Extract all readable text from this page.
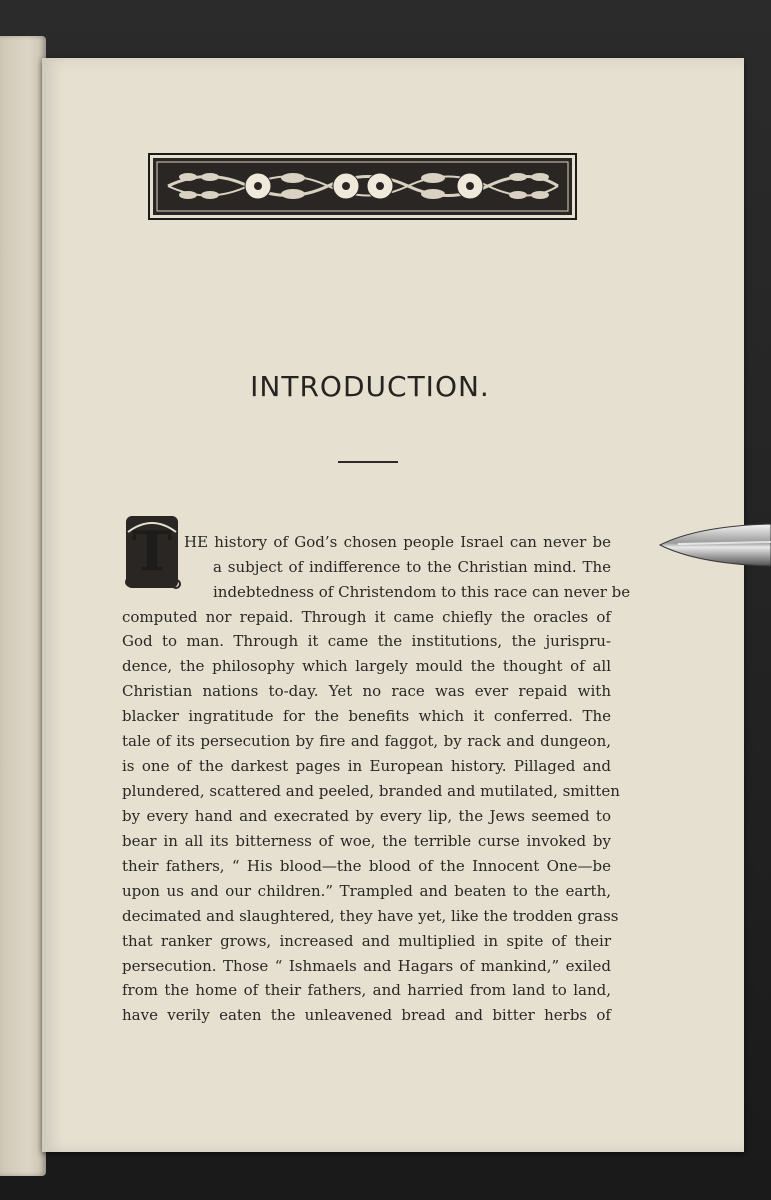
INTRODUCTION.
T HE history of God’s chosen people Israel can never be
a subject of indifference to the Christian mind. The
indebtedness of Christendom to this race can never be
computed nor repaid. Through it came chiefly the oracles of
God to man. Through it came the institutions, the jurispru-
dence, the philosophy which largely mould the thought of all
Christian nations to-day. Yet no race was ever repaid with
blacker ingratitude for the benefits which it conferred. The
tale of its persecution by fire and faggot, by rack and dungeon,
is one of the darkest pages in European history. Pillaged and
plundered, scattered and peeled, branded and mutilated, smitten
by every hand and execrated by every lip, the Jews seemed to
bear in all its bitterness of woe, the terrible curse invoked by
their fathers, “ His blood—the blood of the Innocent One—be
upon us and our children.” Trampled and beaten to the earth,
decimated and slaughtered, they have yet, like the trodden grass
that ranker grows, increased and multiplied in spite of their
persecution. Those “ Ishmaels and Hagars of mankind,” exiled
from the home of their fathers, and harried from land to land,
have verily eaten the unleavened bread and bitter herbs of
